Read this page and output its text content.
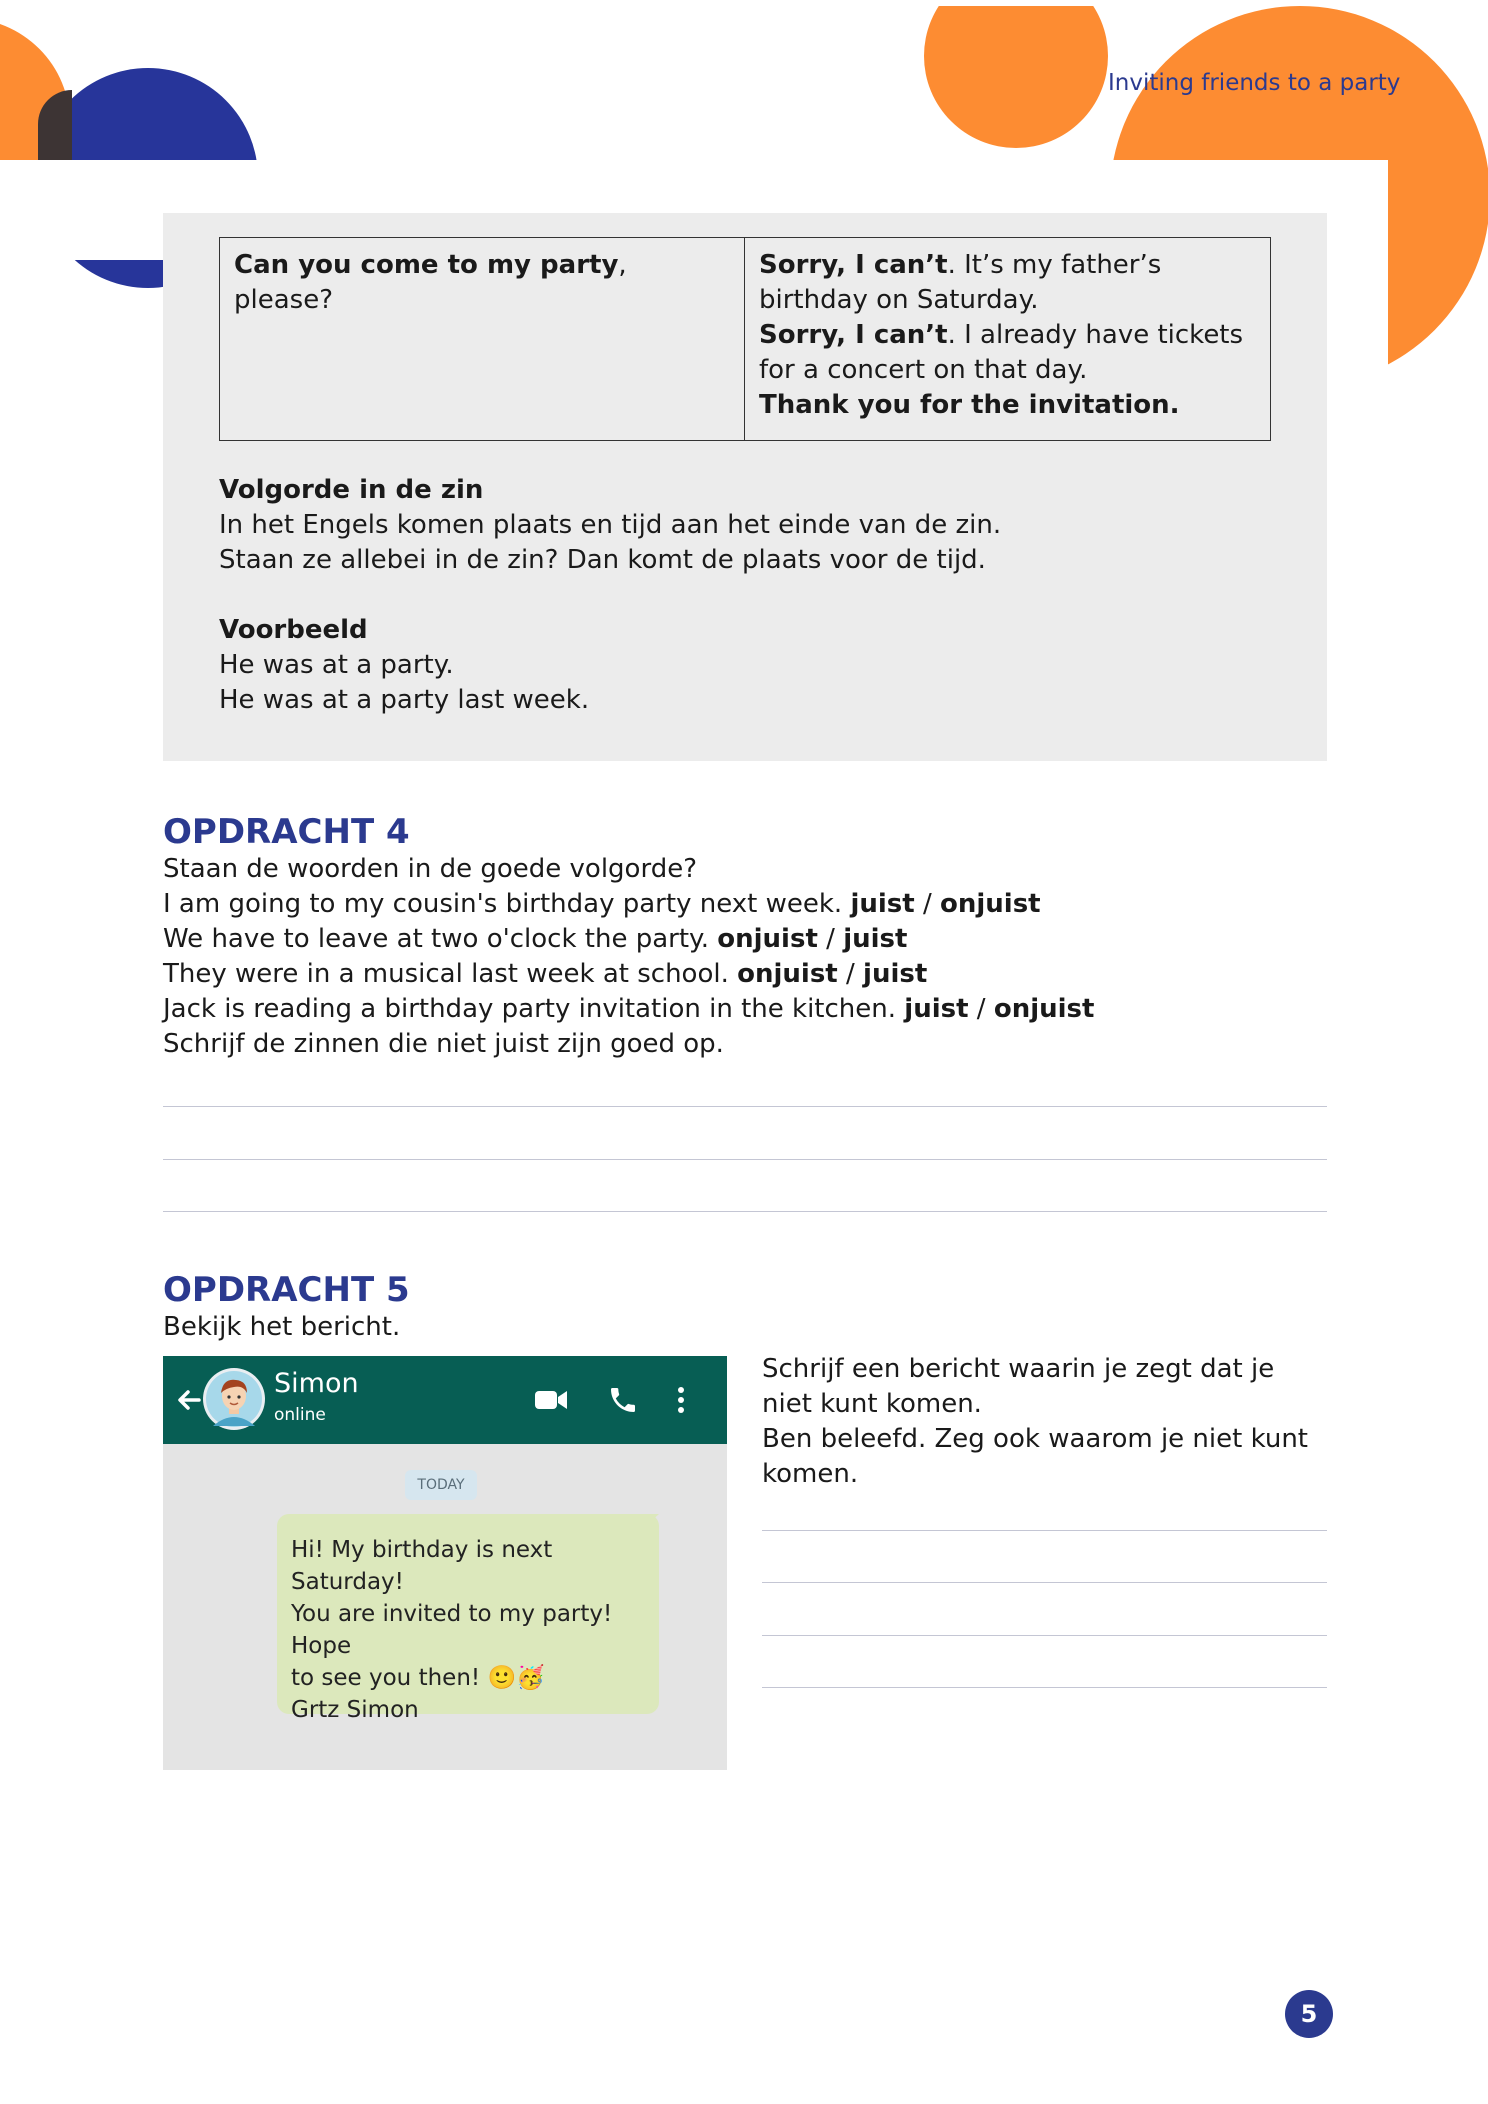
Inviting friends to a party
Can you come to my party, please?
Sorry, I can’t. It’s my father’s birthday on Saturday.
Sorry, I can’t. I already have tickets for a concert on that day.
Thank you for the invitation.
Volgorde in de zin
In het Engels komen plaats en tijd aan het einde van de zin.
Staan ze allebei in de zin? Dan komt de plaats voor de tijd.
Voorbeeld
He was at a party.
He was at a party last week.
OPDRACHT 4
Staan de woorden in de goede volgorde?
I am going to my cousin's birthday party next week. juist / onjuist
We have to leave at two o'clock the party. onjuist / juist
They were in a musical last week at school. onjuist / juist
Jack is reading a birthday party invitation in the kitchen. juist / onjuist
Schrijf de zinnen die niet juist zijn goed op.
OPDRACHT 5
Bekijk het bericht.
Simon
online
TODAY
Hi! My birthday is next Saturday!
You are invited to my party! Hope
to see you then! 🙂🥳
Grtz Simon
Schrijf een bericht waarin je zegt dat je niet kunt komen.
Ben beleefd. Zeg ook waarom je niet kunt komen.
5
